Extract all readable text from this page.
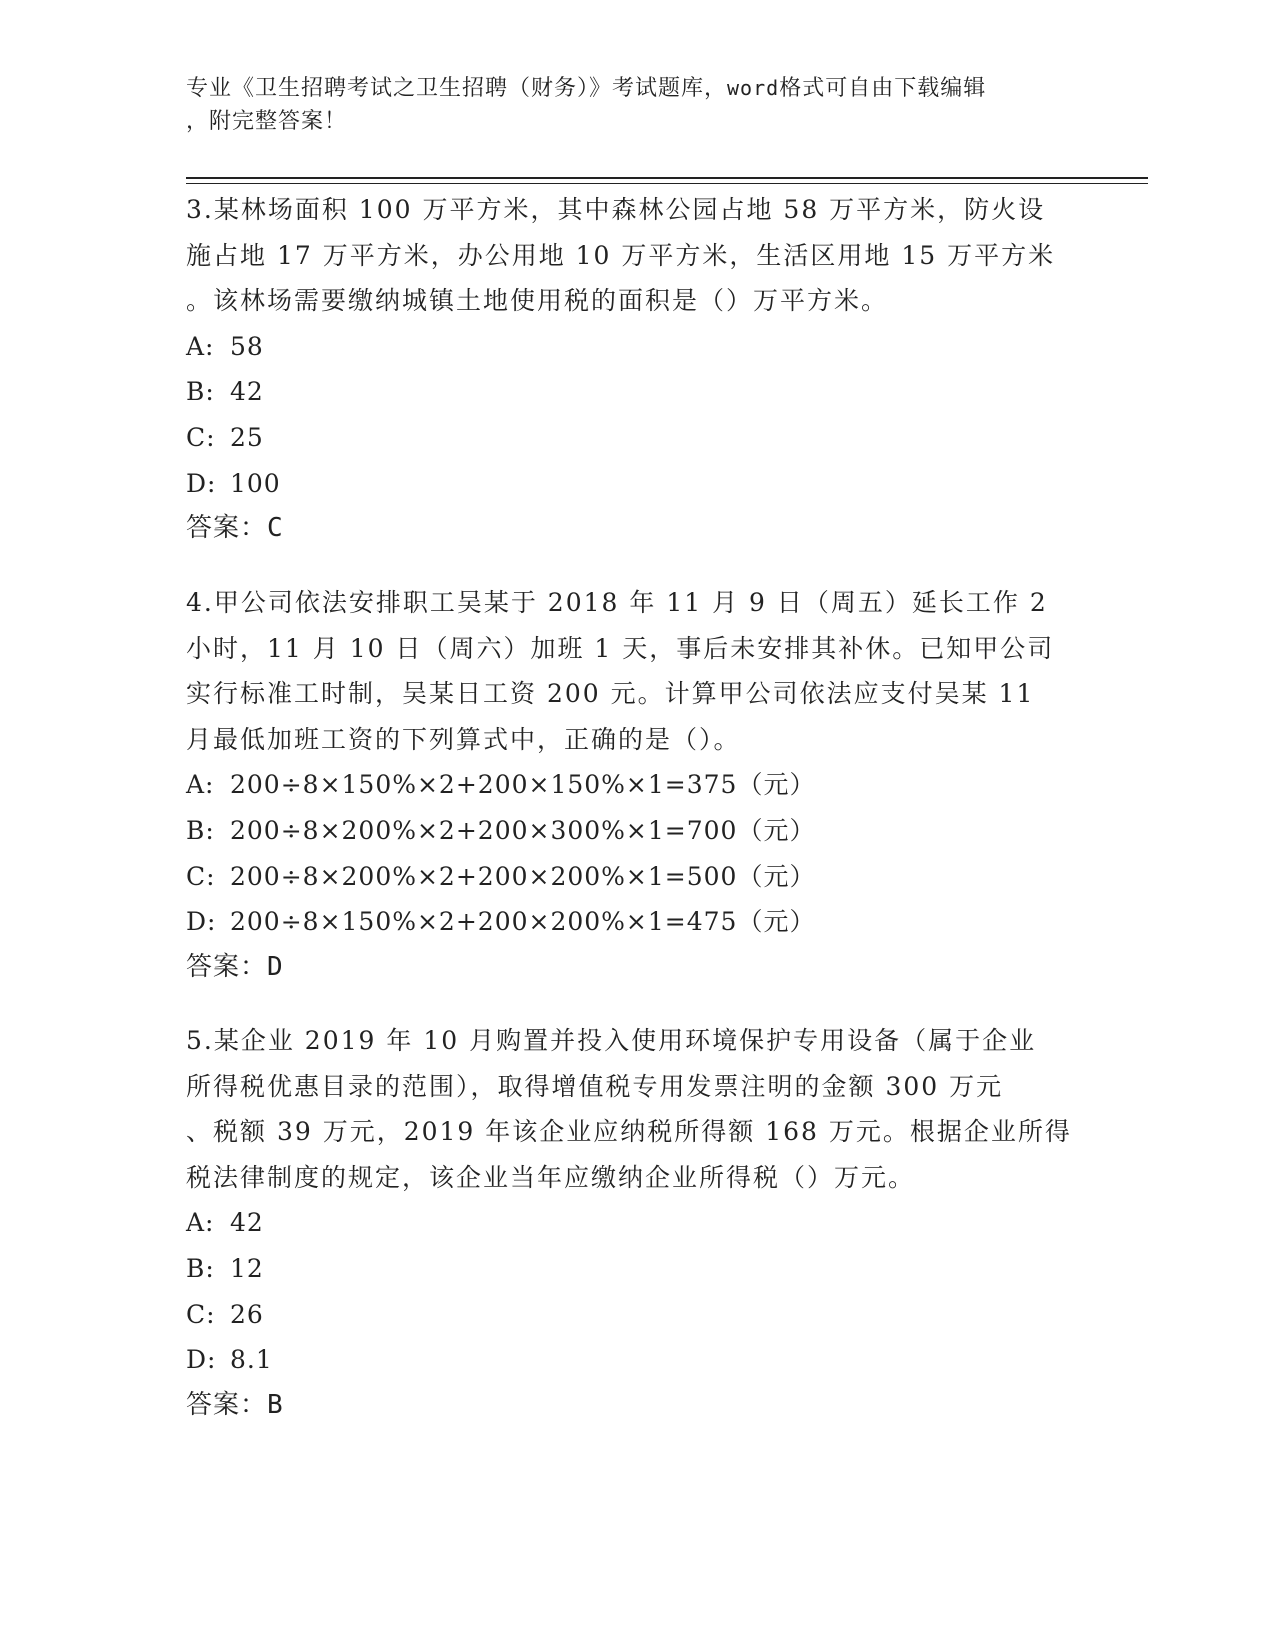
专业《卫生招聘考试之卫生招聘（财务）》考试题库，word格式可自由下载编辑
，附完整答案！

3.某林场面积 100 万平方米，其中森林公园占地 58 万平方米，防火设

施占地 17 万平方米，办公用地 10 万平方米，生活区用地 15 万平方米

。该林场需要缴纳城镇土地使用税的面积是（）万平方米。

A: 58

B: 42

C: 25

D: 100

答案：C

4.甲公司依法安排职工吴某于 2018 年 11 月 9 日（周五）延长工作 2

小时，11 月 10 日（周六）加班 1 天，事后未安排其补休。已知甲公司

实行标准工时制，吴某日工资 200 元。计算甲公司依法应支付吴某 11

月最低加班工资的下列算式中，正确的是（）。

A: 200÷8×150%×2+200×150%×1=375（元）

B: 200÷8×200%×2+200×300%×1=700（元）

C: 200÷8×200%×2+200×200%×1=500（元）

D: 200÷8×150%×2+200×200%×1=475（元）

答案：D

5.某企业 2019 年 10 月购置并投入使用环境保护专用设备（属于企业

所得税优惠目录的范围），取得增值税专用发票注明的金额 300 万元

、税额 39 万元，2019 年该企业应纳税所得额 168 万元。根据企业所得

税法律制度的规定，该企业当年应缴纳企业所得税（）万元。

A: 42

B: 12

C: 26

D: 8.1

答案：B
